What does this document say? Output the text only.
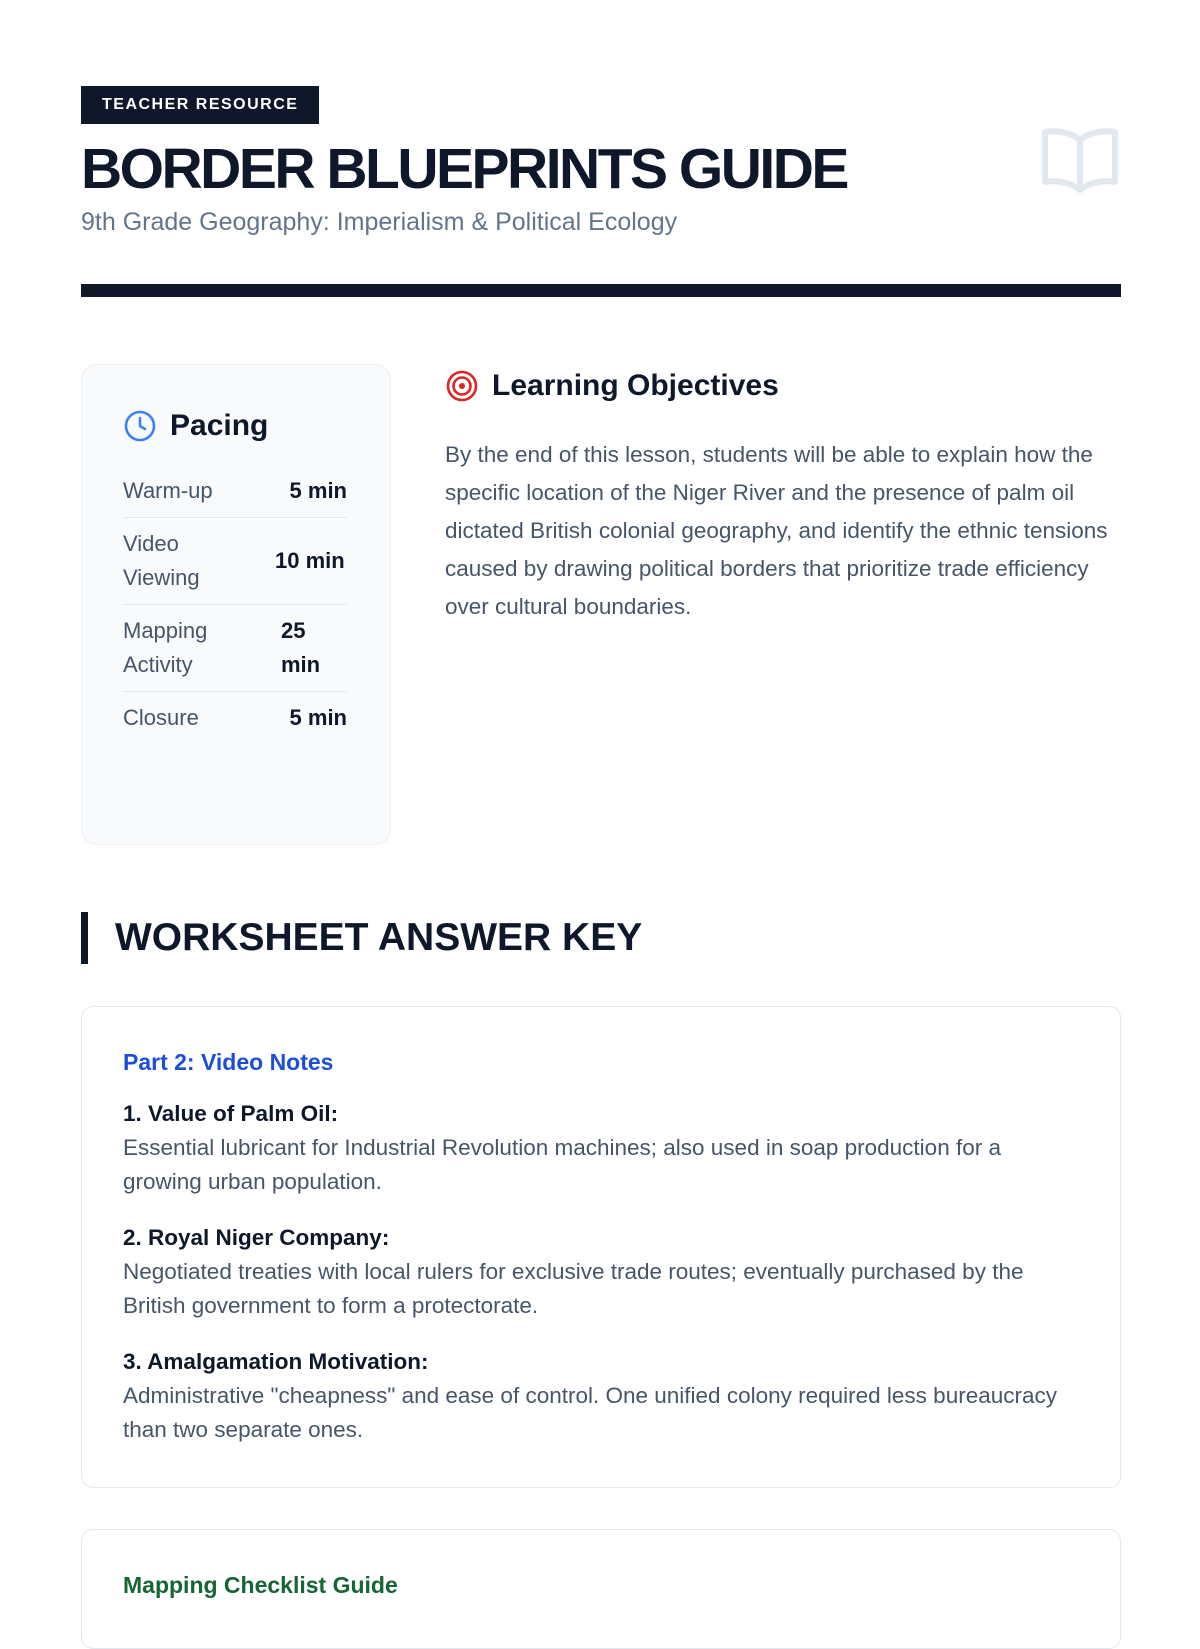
TEACHER RESOURCE
BORDER BLUEPRINTS GUIDE
9th Grade Geography: Imperialism & Political Ecology
Pacing
Warm-up	5 min
Video Viewing
10 min
Mapping Activity
25 min
Closure	5 min
Learning Objectives
By the end of this lesson, students will be able to explain how the specific location of the Niger River and the presence of palm oil dictated British colonial geography, and identify the ethnic tensions caused by drawing political borders that prioritize trade efficiency over cultural boundaries.
WORKSHEET ANSWER KEY
Part 2: Video Notes
1. Value of Palm Oil:
Essential lubricant for Industrial Revolution machines; also used in soap production for a growing urban population.
2. Royal Niger Company:
Negotiated treaties with local rulers for exclusive trade routes; eventually purchased by the British government to form a protectorate.
3. Amalgamation Motivation:
Administrative "cheapness" and ease of control. One unified colony required less bureaucracy than two separate ones.
Mapping Checklist Guide
